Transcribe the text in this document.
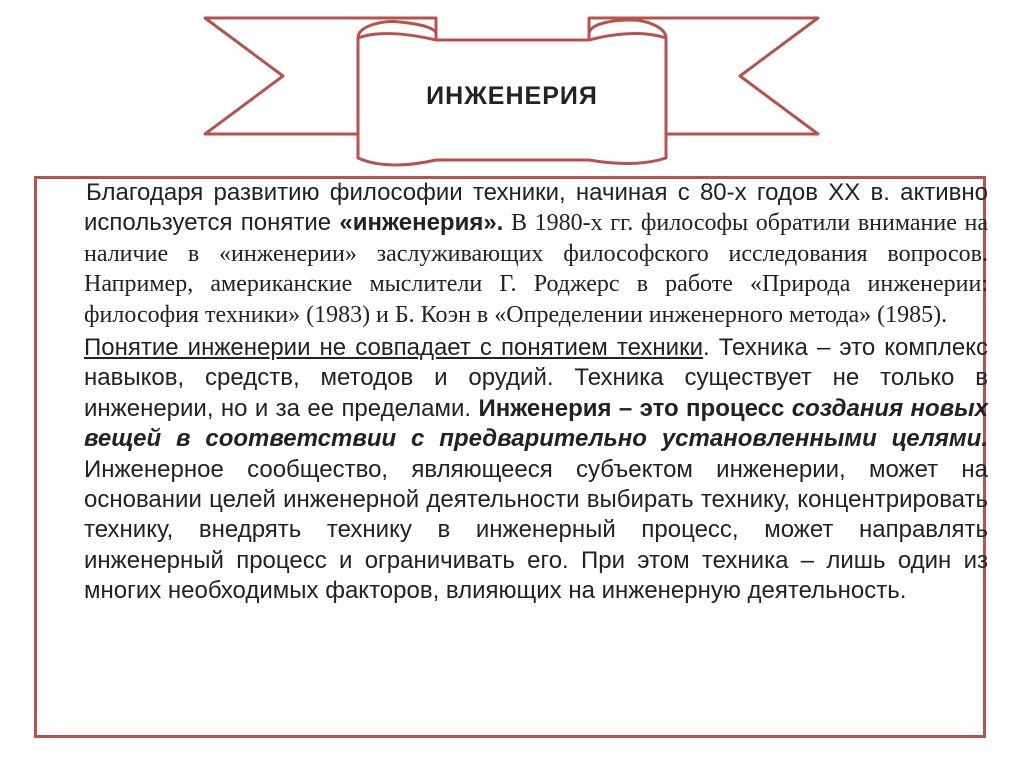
ИНЖЕНЕРИЯ

Благодаря развитию философии техники, начиная с 80-х годов ХХ в. активно используется понятие «инженерия». В 1980-х гг. философы обратили внимание на наличие в «инженерии» заслуживающих философского исследования вопросов. Например, американские мыслители Г. Роджерс в работе «Природа инженерии: философия техники» (1983) и Б. Коэн в «Определении инженерного метода» (1985).

Понятие инженерии не совпадает с понятием техники. Техника – это комплекс навыков, средств, методов и орудий. Техника существует не только в инженерии, но и за ее пределами. Инженерия – это процесс создания новых вещей в соответствии с предварительно установленными целями. Инженерное сообщество, являющееся субъектом инженерии, может на основании целей инженерной деятельности выбирать технику, концентрировать технику, внедрять технику в инженерный процесс, может направлять инженерный процесс и ограничивать его. При этом техника – лишь один из многих необходимых факторов, влияющих на инженерную деятельность.
